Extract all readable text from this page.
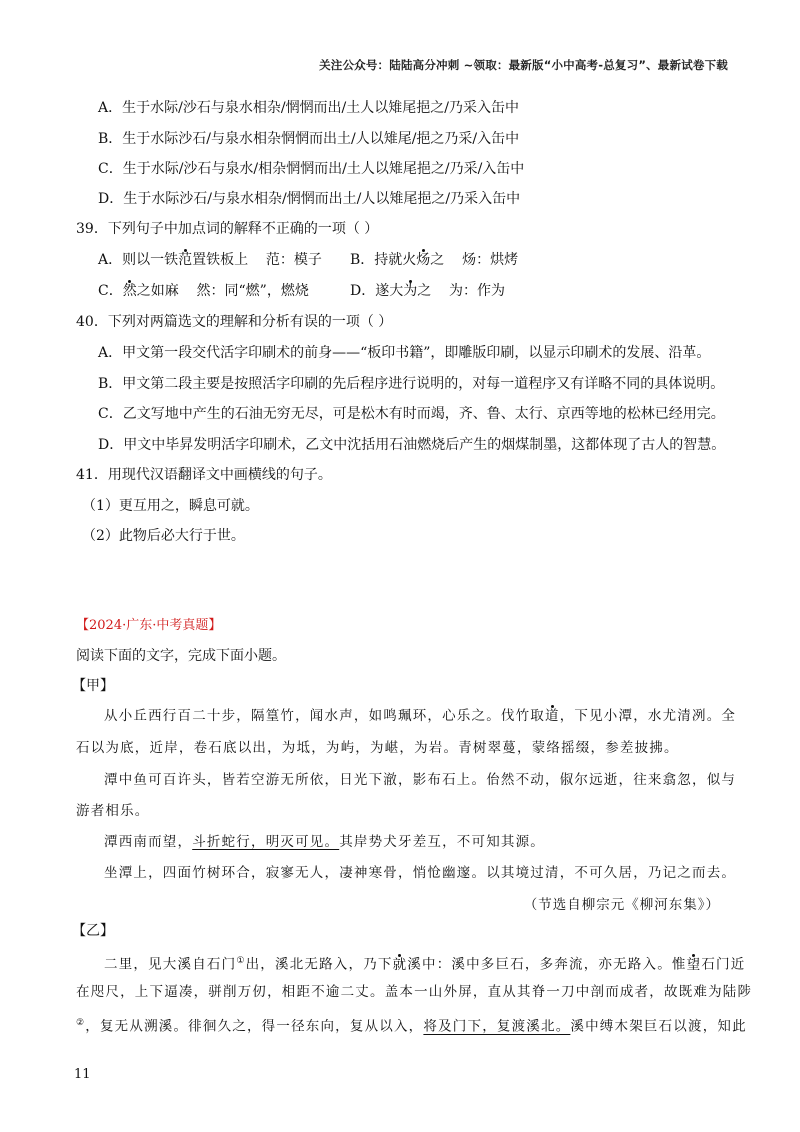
关注公众号：陆陆高分冲刺 ~领取：最新版“小中高考-总复习”、最新试卷下载
A．生于水际/沙石与泉水相杂/惘惘而出/土人以雉尾挹之/乃采入缶中
B．生于水际沙石/与泉水相杂惘惘而出土/人以雉尾/挹之乃采/入缶中
C．生于水际/沙石与泉水/相杂惘惘而出/土人以雉尾挹之/乃采/入缶中
D．生于水际沙石/与泉水相杂/惘惘而出土/人以雉尾挹之/乃采入缶中
39．下列句子中加点词的解释不正确的一项（ ）
A．则以一铁范置铁板上    范：模子 B．持就火炀之    炀：烘烤
C．然之如麻    然：同“燃”，燃烧	D．遂大为之    为：作为
40．下列对两篇选文的理解和分析有误的一项（ ）
A．甲文第一段交代活字印刷术的前身——“板印书籍”，即雕版印刷，以显示印刷术的发展、沿革。
B．甲文第二段主要是按照活字印刷的先后程序进行说明的，对每一道程序又有详略不同的具体说明。
C．乙文写地中产生的石油无穷无尽，可是松木有时而竭，齐、鲁、太行、京西等地的松林已经用完。
D．甲文中毕昇发明活字印刷术，乙文中沈括用石油燃烧后产生的烟煤制墨，这都体现了古人的智慧。
41．用现代汉语翻译文中画横线的句子。
（1）更互用之，瞬息可就。
（2）此物后必大行于世。
【2024·广东·中考真题】
阅读下面的文字，完成下面小题。
【甲】
从小丘西行百二十步，隔篁竹，闻水声，如鸣珮环，心乐之。伐竹取道，下见小潭，水尤清冽。全
石以为底，近岸，卷石底以出，为坻，为屿，为嵁，为岩。青树翠蔓，蒙络摇缀，参差披拂。
潭中鱼可百许头，皆若空游无所依，日光下澈，影布石上。佁然不动，俶尔远逝，往来翕忽，似与
游者相乐。
潭西南而望，斗折蛇行，明灭可见。其岸势犬牙差互，不可知其源。
坐潭上，四面竹树环合，寂寥无人，凄神寒骨，悄怆幽邃。以其境过清，不可久居，乃记之而去。
（节选自柳宗元《柳河东集》）
【乙】
二里，见大溪自石门①出，溪北无路入，乃下就溪中：溪中多巨石，多奔流，亦无路入。惟望石门近
在咫尺，上下逼凑，骈削万仞，相距不逾二丈。盖本一山外屏，直从其脊一刀中剖而成者，故既难为陆陟
②，复无从溯溪。徘徊久之，得一径东向，复从以入，将及门下，复渡溪北。溪中缚木架巨石以渡，知此
11
